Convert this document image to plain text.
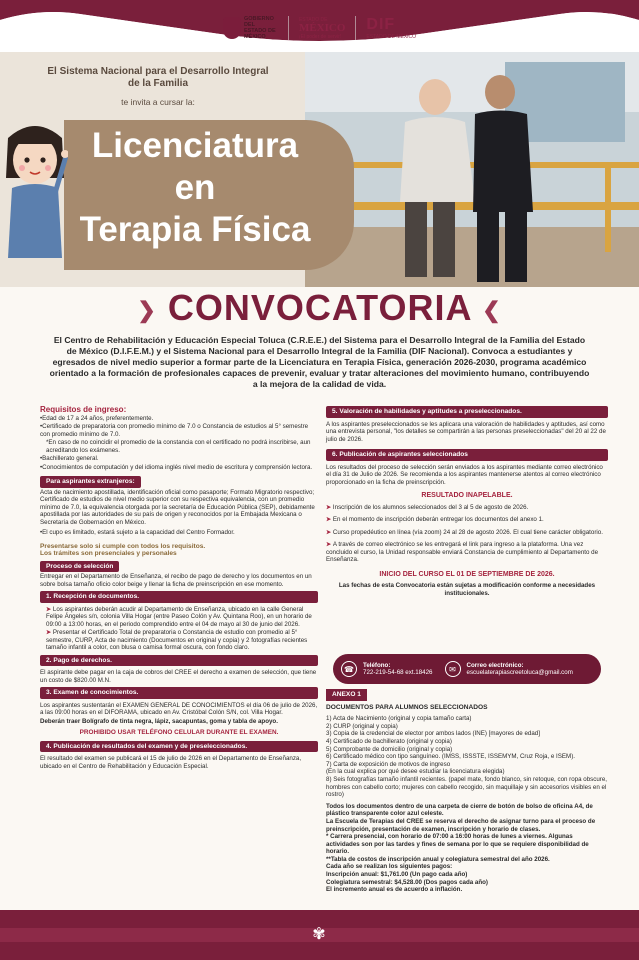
GOBIERNO DEL
ESTADO DE
MÉXICO
ESTADO DE
MÉXICO
¡El poder de servir!
DIF
ESTADO DE MÉXICO
El Sistema Nacional para el Desarrollo Integral
de la Familia
te invita a cursar la:
Licenciatura
en
Terapia Física
❯ CONVOCATORIA ❮
El Centro de Rehabilitación y Educación Especial Toluca (C.R.E.E.) del Sistema para el Desarrollo Integral de la Familia del Estado de México (D.I.F.E.M.) y el Sistema Nacional para el Desarrollo Integral de la Familia (DIF Nacional). Convoca a estudiantes y egresados de nivel medio superior a formar parte de la Licenciatura en Terapia Física, generación 2026-2030, programa académico orientado a la formación de profesionales capaces de prevenir, evaluar y tratar alteraciones del movimiento humano, contribuyendo a la mejora de la calidad de vida.
Requisitos de ingreso:
•Edad de 17 a 24 años, preferentemente.
•Certificado de preparatoria con promedio mínimo de 7.0 o Constancia de estudios al 5° semestre con promedio mínimo de 7.0.
*En caso de no coincidir el promedio de la constancia con el certificado no podrá inscribirse, aun acreditando los exámenes.
•Bachillerato general.
•Conocimientos de computación y del idioma inglés nivel medio de escritura y comprensión lectora.
Para aspirantes extranjeros:
Acta de nacimiento apostillada, identificación oficial como pasaporte; Formato Migratorio respectivo; Certificado de estudios de nivel medio superior con su respectiva equivalencia, con un promedio mínimo de 7.0, la equivalencia otorgada por la secretaría de Educación Pública (SEP), debidamente apostillada por las autoridades de su país de origen y reconocidos por la Embajada Mexicana o Secretaría de Gobernación en México.
•El cupo es limitado, estará sujeto a la capacidad del Centro Formador.
Presentarse solo si cumple con todos los requisitos.
Los trámites son presenciales y personales
Proceso de selección
Entregar en el Departamento de Enseñanza, el recibo de pago de derecho y los documentos en un sobre bolsa tamaño oficio color beige y llenar la ficha de preinscripción en ese momento.
1. Recepción de documentos.
➤ Los aspirantes deberán acudir al Departamento de Enseñanza, ubicado en la calle General Felipe Ángeles s/n, colonia Villa Hogar (entre Paseo Colón y Av. Quintana Roo), en un horario de 09:00 a 13:00 horas, en el periodo comprendido entre el 04 de mayo al 30 de junio del 2026.
➤ Presentar el Certificado Total de preparatoria o Constancia de estudio con promedio al 5° semestre, CURP, Acta de nacimiento (Documentos en original y copia) y 2 fotografías recientes tamaño infantil a color, con blusa o camisa formal oscura, con fondo claro.
2. Pago de derechos.
El aspirante debe pagar en la caja de cobros del CREE el derecho a examen de selección, que tiene un costo de $820.00 M.N.
3. Examen de conocimientos.
Los aspirantes sustentarán el EXAMEN GENERAL DE CONOCIMIENTOS el día 06 de julio de 2026, a las 09:00 horas en el DIFORAMA, ubicado en Av. Cristóbal Colón S/N, col. Villa Hogar.
Deberán traer Bolígrafo de tinta negra, lápiz, sacapuntas, goma y tabla de apoyo.
PROHIBIDO USAR TELÉFONO CELULAR DURANTE EL EXAMEN.
4. Publicación de resultados del examen y de preseleccionados.
El resultado del examen se publicará el 15 de julio de 2026 en el Departamento de Enseñanza, ubicado en el Centro de Rehabilitación y Educación Especial.
5. Valoración de habilidades y aptitudes a preseleccionados.
A los aspirantes preseleccionados se les aplicara una valoración de habilidades y aptitudes, así como una entrevista personal, "los detalles se compartirán a las personas preseleccionadas" del 20 al 22 de julio de 2026.
6. Publicación de aspirantes seleccionados
Los resultados del proceso de selección serán enviados a los aspirantes mediante correo electrónico el día 31 de Julio de 2026. Se recomienda a los aspirantes mantenerse atentos al correo electrónico proporcionado en la ficha de preinscripción.
RESULTADO INAPELABLE.
➤ Inscripción de los alumnos seleccionados del 3 al 5 de agosto de 2026.
➤ En el momento de inscripción deberán entregar los documentos del anexo 1.
➤ Curso propedéutico en línea (vía zoom) 24 al 28 de agosto 2026. El cual tiene carácter obligatorio.
➤ A través de correo electrónico se les entregará el link para ingreso a la plataforma. Una vez concluido el curso, la Unidad responsable enviará Constancia de cumplimiento al Departamento de Enseñanza.
INICIO DEL CURSO EL 01 DE SEPTIEMBRE DE 2026.
Las fechas de esta Convocatoria están sujetas a modificación conforme a necesidades institucionales.
☎	Teléfono:
722-219-54-68 ext.18426	✉	Correo electrónico:
escuelaterapiascreetoluca@gmail.com
ANEXO 1
DOCUMENTOS PARA ALUMNOS SELECCIONADOS
1) Acta de Nacimiento (original y copia tamaño carta)
2) CURP (original y copia)
3) Copia de la credencial de elector por ambos lados (INE) [mayores de edad]
4) Certificado de bachillerato (original y copia)
5) Comprobante de domicilio (original y copia)
6) Certificado médico con tipo sanguíneo. (IMSS, ISSSTE, ISSEMYM, Cruz Roja, e ISEM).
7) Carta de exposición de motivos de ingreso
(En la cual explica por qué desee estudiar la licenciatura elegida)
8) Seis fotografías tamaño infantil recientes. (papel mate, fondo blanco, sin retoque, con ropa obscure, hombres con cabello corto; mujeres con cabello recogido, sin maquillaje y sin accesorios visibles en el rostro)
Todos los documentos dentro de una carpeta de cierre de botón de bolso de oficina A4, de plástico transparente color azul celeste.
La Escuela de Terapias del CREE se reserva el derecho de asignar turno para el proceso de preinscripción, presentación de examen, inscripción y horario de clases.
* Carrera presencial, con horario de 07:00 a 16:00 horas de lunes a viernes. Algunas actividades son por las tardes y fines de semana por lo que se requiere disponibilidad de horario.
**Tabla de costos de inscripción anual y colegiatura semestral del año 2026.
Cada año se realizan los siguientes pagos:
Inscripción anual: $1,761.00 (Un pago cada año)
Colegiatura semestral: $4,528.00 (Dos pagos cada año)
El incremento anual es de acuerdo a inflación.
✾
